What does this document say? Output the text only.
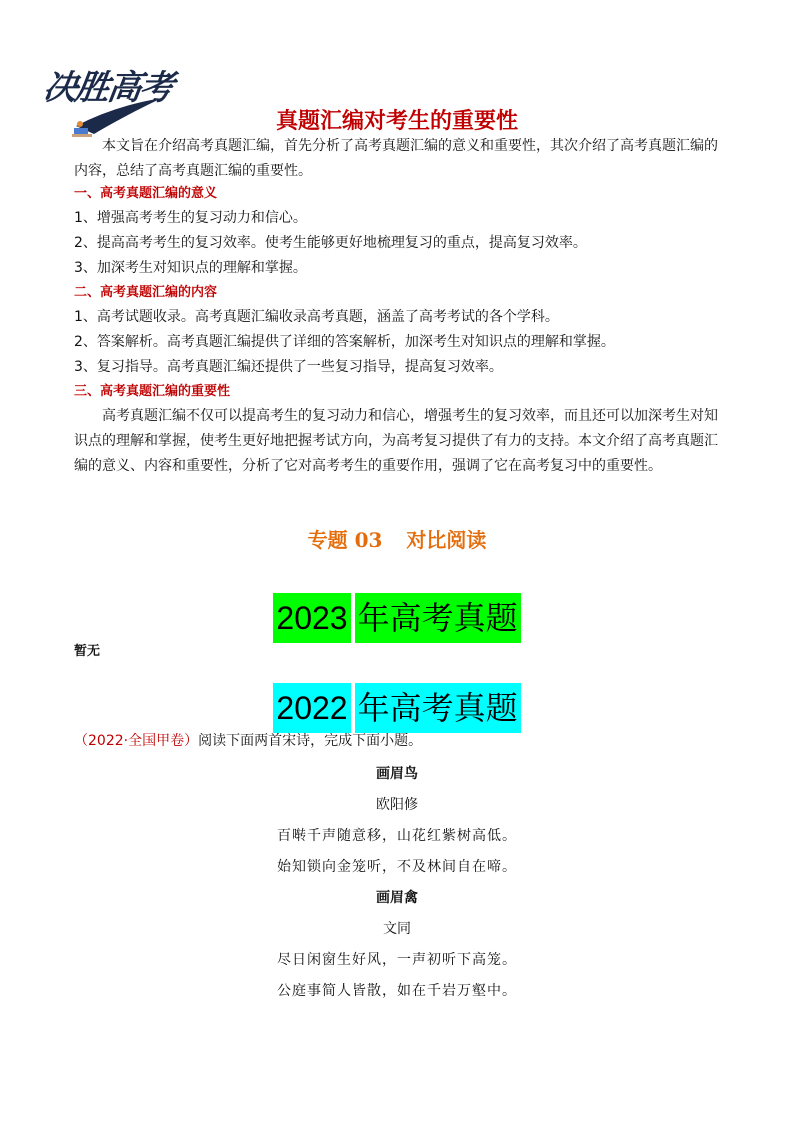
决胜高考
真题汇编对考生的重要性

本文旨在介绍高考真题汇编，首先分析了高考真题汇编的意义和重要性，其次介绍了高考真题汇编的内容，总结了高考真题汇编的重要性。

一、高考真题汇编的意义
1、增强高考考生的复习动力和信心。
2、提高高考考生的复习效率。使考生能够更好地梳理复习的重点，提高复习效率。
3、加深考生对知识点的理解和掌握。
二、高考真题汇编的内容
1、高考试题收录。高考真题汇编收录高考真题，涵盖了高考考试的各个学科。
2、答案解析。高考真题汇编提供了详细的答案解析，加深考生对知识点的理解和掌握。
3、复习指导。高考真题汇编还提供了一些复习指导，提高复习效率。
三、高考真题汇编的重要性

高考真题汇编不仅可以提高考生的复习动力和信心，增强考生的复习效率，而且还可以加深考生对知识点的理解和掌握，使考生更好地把握考试方向，为高考复习提供了有力的支持。本文介绍了高考真题汇编的意义、内容和重要性，分析了它对高考考生的重要作用，强调了它在高考复习中的重要性。

专题 03 对比阅读
2023 年高考真题
暂无
2022 年高考真题
（2022·全国甲卷）阅读下面两首宋诗，完成下面小题。
画眉鸟
欧阳修
百啭千声随意移，山花红紫树高低。
始知锁向金笼听，不及林间自在啼。
画眉禽
文同
尽日闲窗生好风，一声初听下高笼。
公庭事简人皆散，如在千岩万壑中。
